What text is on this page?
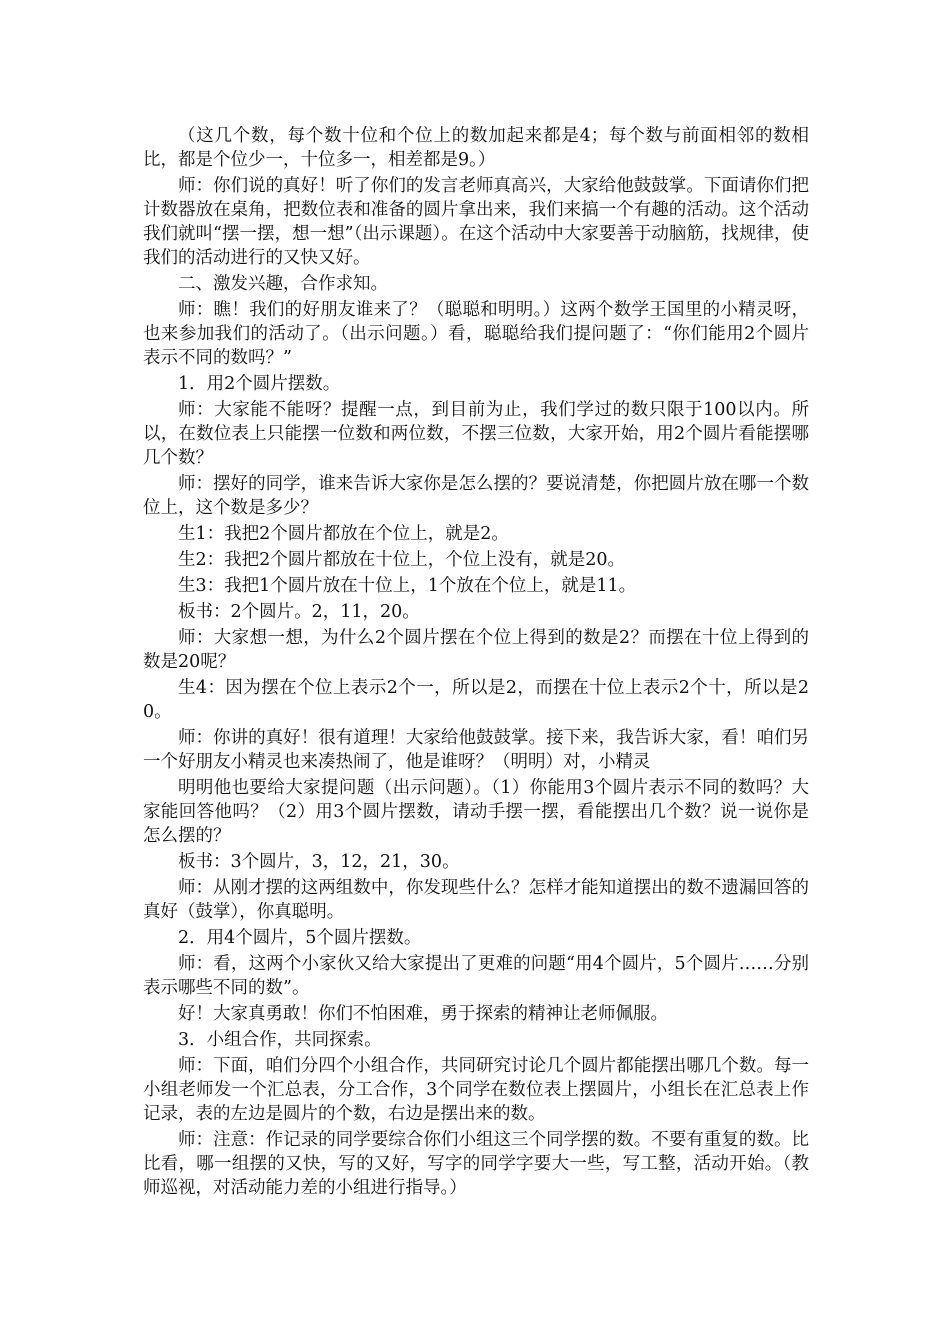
（这几个数，每个数十位和个位上的数加起来都是4；每个数与前面相邻的数相比，都是个位少一，十位多一，相差都是9。）

师：你们说的真好！听了你们的发言老师真高兴，大家给他鼓鼓掌。下面请你们把计数器放在桌角，把数位表和准备的圆片拿出来，我们来搞一个有趣的活动。这个活动我们就叫“摆一摆，想一想”（出示课题）。在这个活动中大家要善于动脑筋，找规律，使我们的活动进行的又快又好。

二、激发兴趣，合作求知。

师：瞧！我们的好朋友谁来了？（聪聪和明明。）这两个数学王国里的小精灵呀，也来参加我们的活动了。（出示问题。）看，聪聪给我们提问题了：“你们能用2个圆片表示不同的数吗？”

1．用2个圆片摆数。

师：大家能不能呀？提醒一点，到目前为止，我们学过的数只限于100以内。所以，在数位表上只能摆一位数和两位数，不摆三位数，大家开始，用2个圆片看能摆哪几个数？

师：摆好的同学，谁来告诉大家你是怎么摆的？要说清楚，你把圆片放在哪一个数位上，这个数是多少？

生1：我把2个圆片都放在个位上，就是2。

生2：我把2个圆片都放在十位上，个位上没有，就是20。

生3：我把1个圆片放在十位上，1个放在个位上，就是11。

板书：2个圆片。2，11，20。

师：大家想一想，为什么2个圆片摆在个位上得到的数是2？而摆在十位上得到的数是20呢？

生4：因为摆在个位上表示2个一，所以是2，而摆在十位上表示2个十，所以是20。

师：你讲的真好！很有道理！大家给他鼓鼓掌。接下来，我告诉大家，看！咱们另一个好朋友小精灵也来凑热闹了，他是谁呀？（明明）对，小精灵

明明他也要给大家提问题（出示问题）。（1）你能用3个圆片表示不同的数吗？大家能回答他吗？（2）用3个圆片摆数，请动手摆一摆，看能摆出几个数？说一说你是怎么摆的？

板书：3个圆片，3，12，21，30。

师：从刚才摆的这两组数中，你发现些什么？怎样才能知道摆出的数不遗漏回答的真好（鼓掌），你真聪明。

2．用4个圆片，5个圆片摆数。

师：看，这两个小家伙又给大家提出了更难的问题“用4个圆片，5个圆片……分别表示哪些不同的数”。

好！大家真勇敢！你们不怕困难，勇于探索的精神让老师佩服。

3．小组合作，共同探索。

师：下面，咱们分四个小组合作，共同研究讨论几个圆片都能摆出哪几个数。每一小组老师发一个汇总表，分工合作，3个同学在数位表上摆圆片，小组长在汇总表上作记录，表的左边是圆片的个数，右边是摆出来的数。

师：注意：作记录的同学要综合你们小组这三个同学摆的数。不要有重复的数。比比看，哪一组摆的又快，写的又好，写字的同学字要大一些，写工整，活动开始。（教师巡视，对活动能力差的小组进行指导。）
